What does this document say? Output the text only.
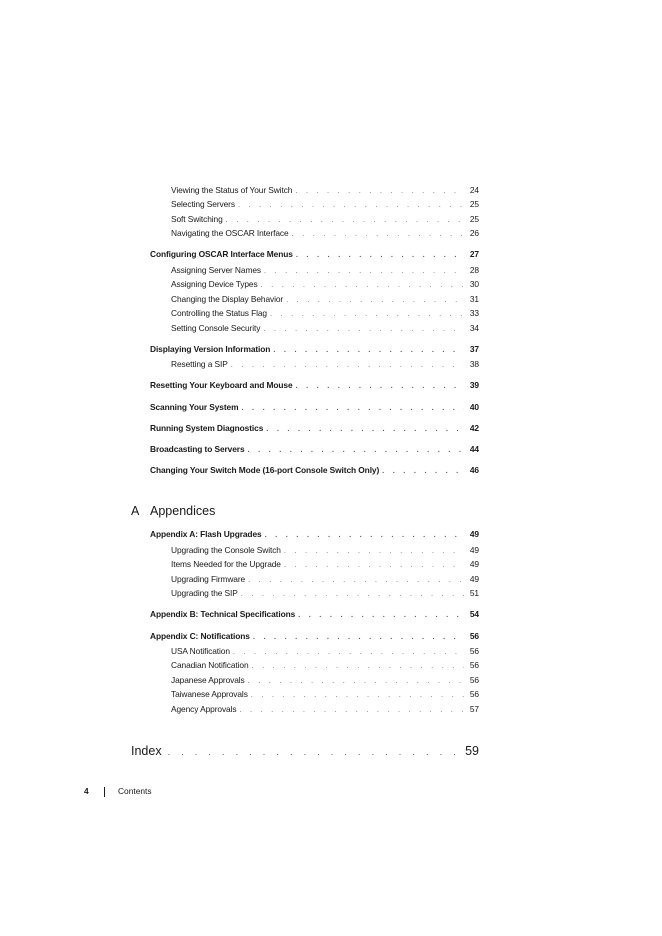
Viewing the Status of Your Switch . . .	24
Selecting Servers . . .	25
Soft Switching . . .	25
Navigating the OSCAR Interface . . .	26
Configuring OSCAR Interface Menus . . .	27
Assigning Server Names . . .	28
Assigning Device Types . . .	30
Changing the Display Behavior . . .	31
Controlling the Status Flag . . .	33
Setting Console Security . . .	34
Displaying Version Information . . .	37
Resetting a SIP . . .	38
Resetting Your Keyboard and Mouse . . .	39
Scanning Your System . . .	40
Running System Diagnostics . . .	42
Broadcasting to Servers . . .	44
Changing Your Switch Mode (16-port Console Switch Only) . . .	46
A Appendices
Appendix A: Flash Upgrades . . .	49
Upgrading the Console Switch . . .	49
Items Needed for the Upgrade . . .	49
Upgrading Firmware . . .	49
Upgrading the SIP . . .	51
Appendix B: Technical Specifications . . .	54
Appendix C: Notifications . . .	56
USA Notification . . .	56
Canadian Notification . . .	56
Japanese Approvals . . .	56
Taiwanese Approvals . . .	56
Agency Approvals . . .	57
Index . . .	59
4	Contents
